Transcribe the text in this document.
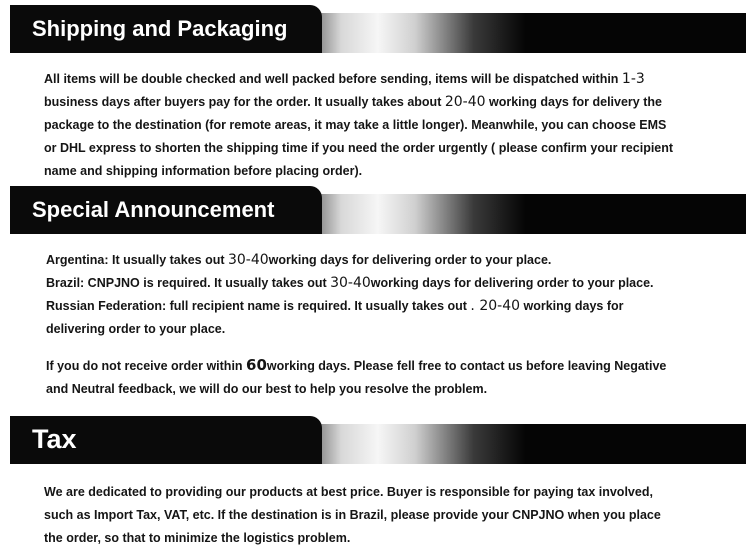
Shipping and Packaging
All items will be double checked and well packed before sending, items will be dispatched within 1-3
business days after buyers pay for the order. It usually takes about 20-40 working days for delivery the
package to the destination (for remote areas, it may take a little longer). Meanwhile, you can choose EMS
or DHL express to shorten the shipping time if you need the order urgently ( please confirm your recipient
name and shipping information before placing order).
Special Announcement
Argentina: It usually takes out 30-40working days for delivering order to your place.
Brazil: CNPJNO is required. It usually takes out 30-40working days for delivering order to your place.
Russian Federation: full recipient name is required. It usually takes out . 20-40 working days for
delivering order to your place.
If you do not receive order within 60working days. Please fell free to contact us before leaving Negative
and Neutral feedback, we will do our best to help you resolve the problem.
Tax
We are dedicated to providing our products at best price. Buyer is responsible for paying tax involved,
such as Import Tax, VAT, etc. If the destination is in Brazil, please provide your CNPJNO when you place
the order, so that to minimize the logistics problem.
